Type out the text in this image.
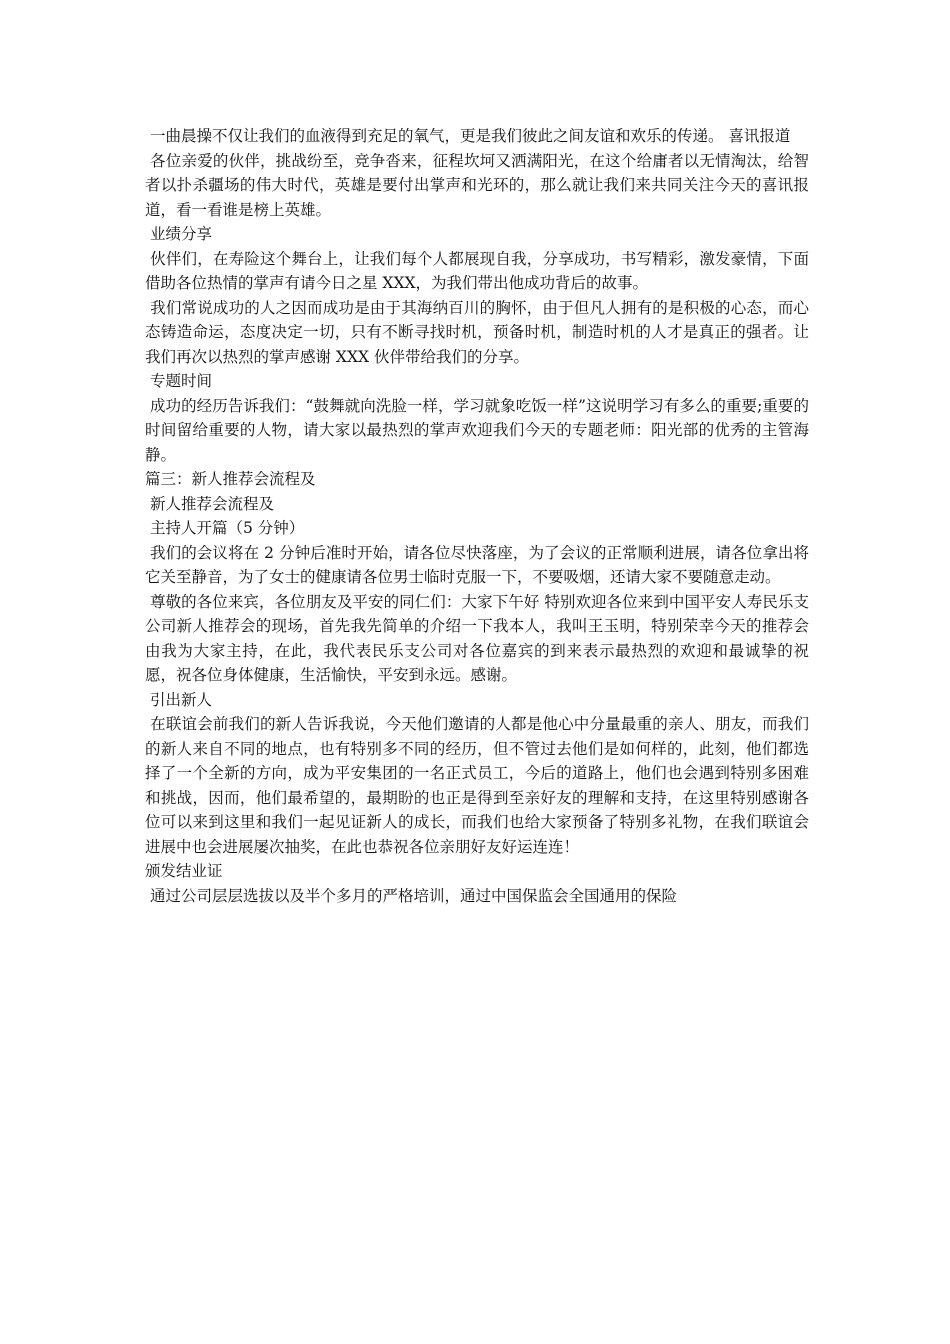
一曲晨操不仅让我们的血液得到充足的氧气，更是我们彼此之间友谊和欢乐的传递。 喜讯报道

各位亲爱的伙伴，挑战纷至，竞争沓来，征程坎坷又洒满阳光，在这个给庸者以无情淘汰，给智者以扑杀疆场的伟大时代，英雄是要付出掌声和光环的，那么就让我们来共同关注今天的喜讯报道，看一看谁是榜上英雄。

业绩分享

伙伴们，在寿险这个舞台上，让我们每个人都展现自我，分享成功，书写精彩，激发豪情，下面借助各位热情的掌声有请今日之星 XXX，为我们带出他成功背后的故事。

我们常说成功的人之因而成功是由于其海纳百川的胸怀，由于但凡人拥有的是积极的心态，而心态铸造命运，态度决定一切，只有不断寻找时机，预备时机，制造时机的人才是真正的强者。让我们再次以热烈的掌声感谢 XXX 伙伴带给我们的分享。

专题时间

成功的经历告诉我们：“鼓舞就向洗脸一样，学习就象吃饭一样”这说明学习有多么的重要;重要的时间留给重要的人物，请大家以最热烈的掌声欢迎我们今天的专题老师：阳光部的优秀的主管海静。

篇三：新人推荐会流程及

新人推荐会流程及

主持人开篇（5 分钟）

我们的会议将在 2 分钟后准时开始，请各位尽快落座，为了会议的正常顺利进展，请各位拿出将它关至静音，为了女士的健康请各位男士临时克服一下，不要吸烟，还请大家不要随意走动。

尊敬的各位来宾，各位朋友及平安的同仁们：大家下午好 特别欢迎各位来到中国平安人寿民乐支公司新人推荐会的现场，首先我先简单的介绍一下我本人，我叫王玉明，特别荣幸今天的推荐会由我为大家主持，在此，我代表民乐支公司对各位嘉宾的到来表示最热烈的欢迎和最诚挚的祝愿，祝各位身体健康，生活愉快，平安到永远。感谢。

引出新人

在联谊会前我们的新人告诉我说，今天他们邀请的人都是他心中分量最重的亲人、朋友，而我们的新人来自不同的地点，也有特别多不同的经历，但不管过去他们是如何样的，此刻，他们都选择了一个全新的方向，成为平安集团的一名正式员工，今后的道路上，他们也会遇到特别多困难和挑战，因而，他们最希望的，最期盼的也正是得到至亲好友的理解和支持，在这里特别感谢各位可以来到这里和我们一起见证新人的成长，而我们也给大家预备了特别多礼物，在我们联谊会进展中也会进展屡次抽奖，在此也恭祝各位亲朋好友好运连连！

颁发结业证

通过公司层层选拔以及半个多月的严格培训，通过中国保监会全国通用的保险
